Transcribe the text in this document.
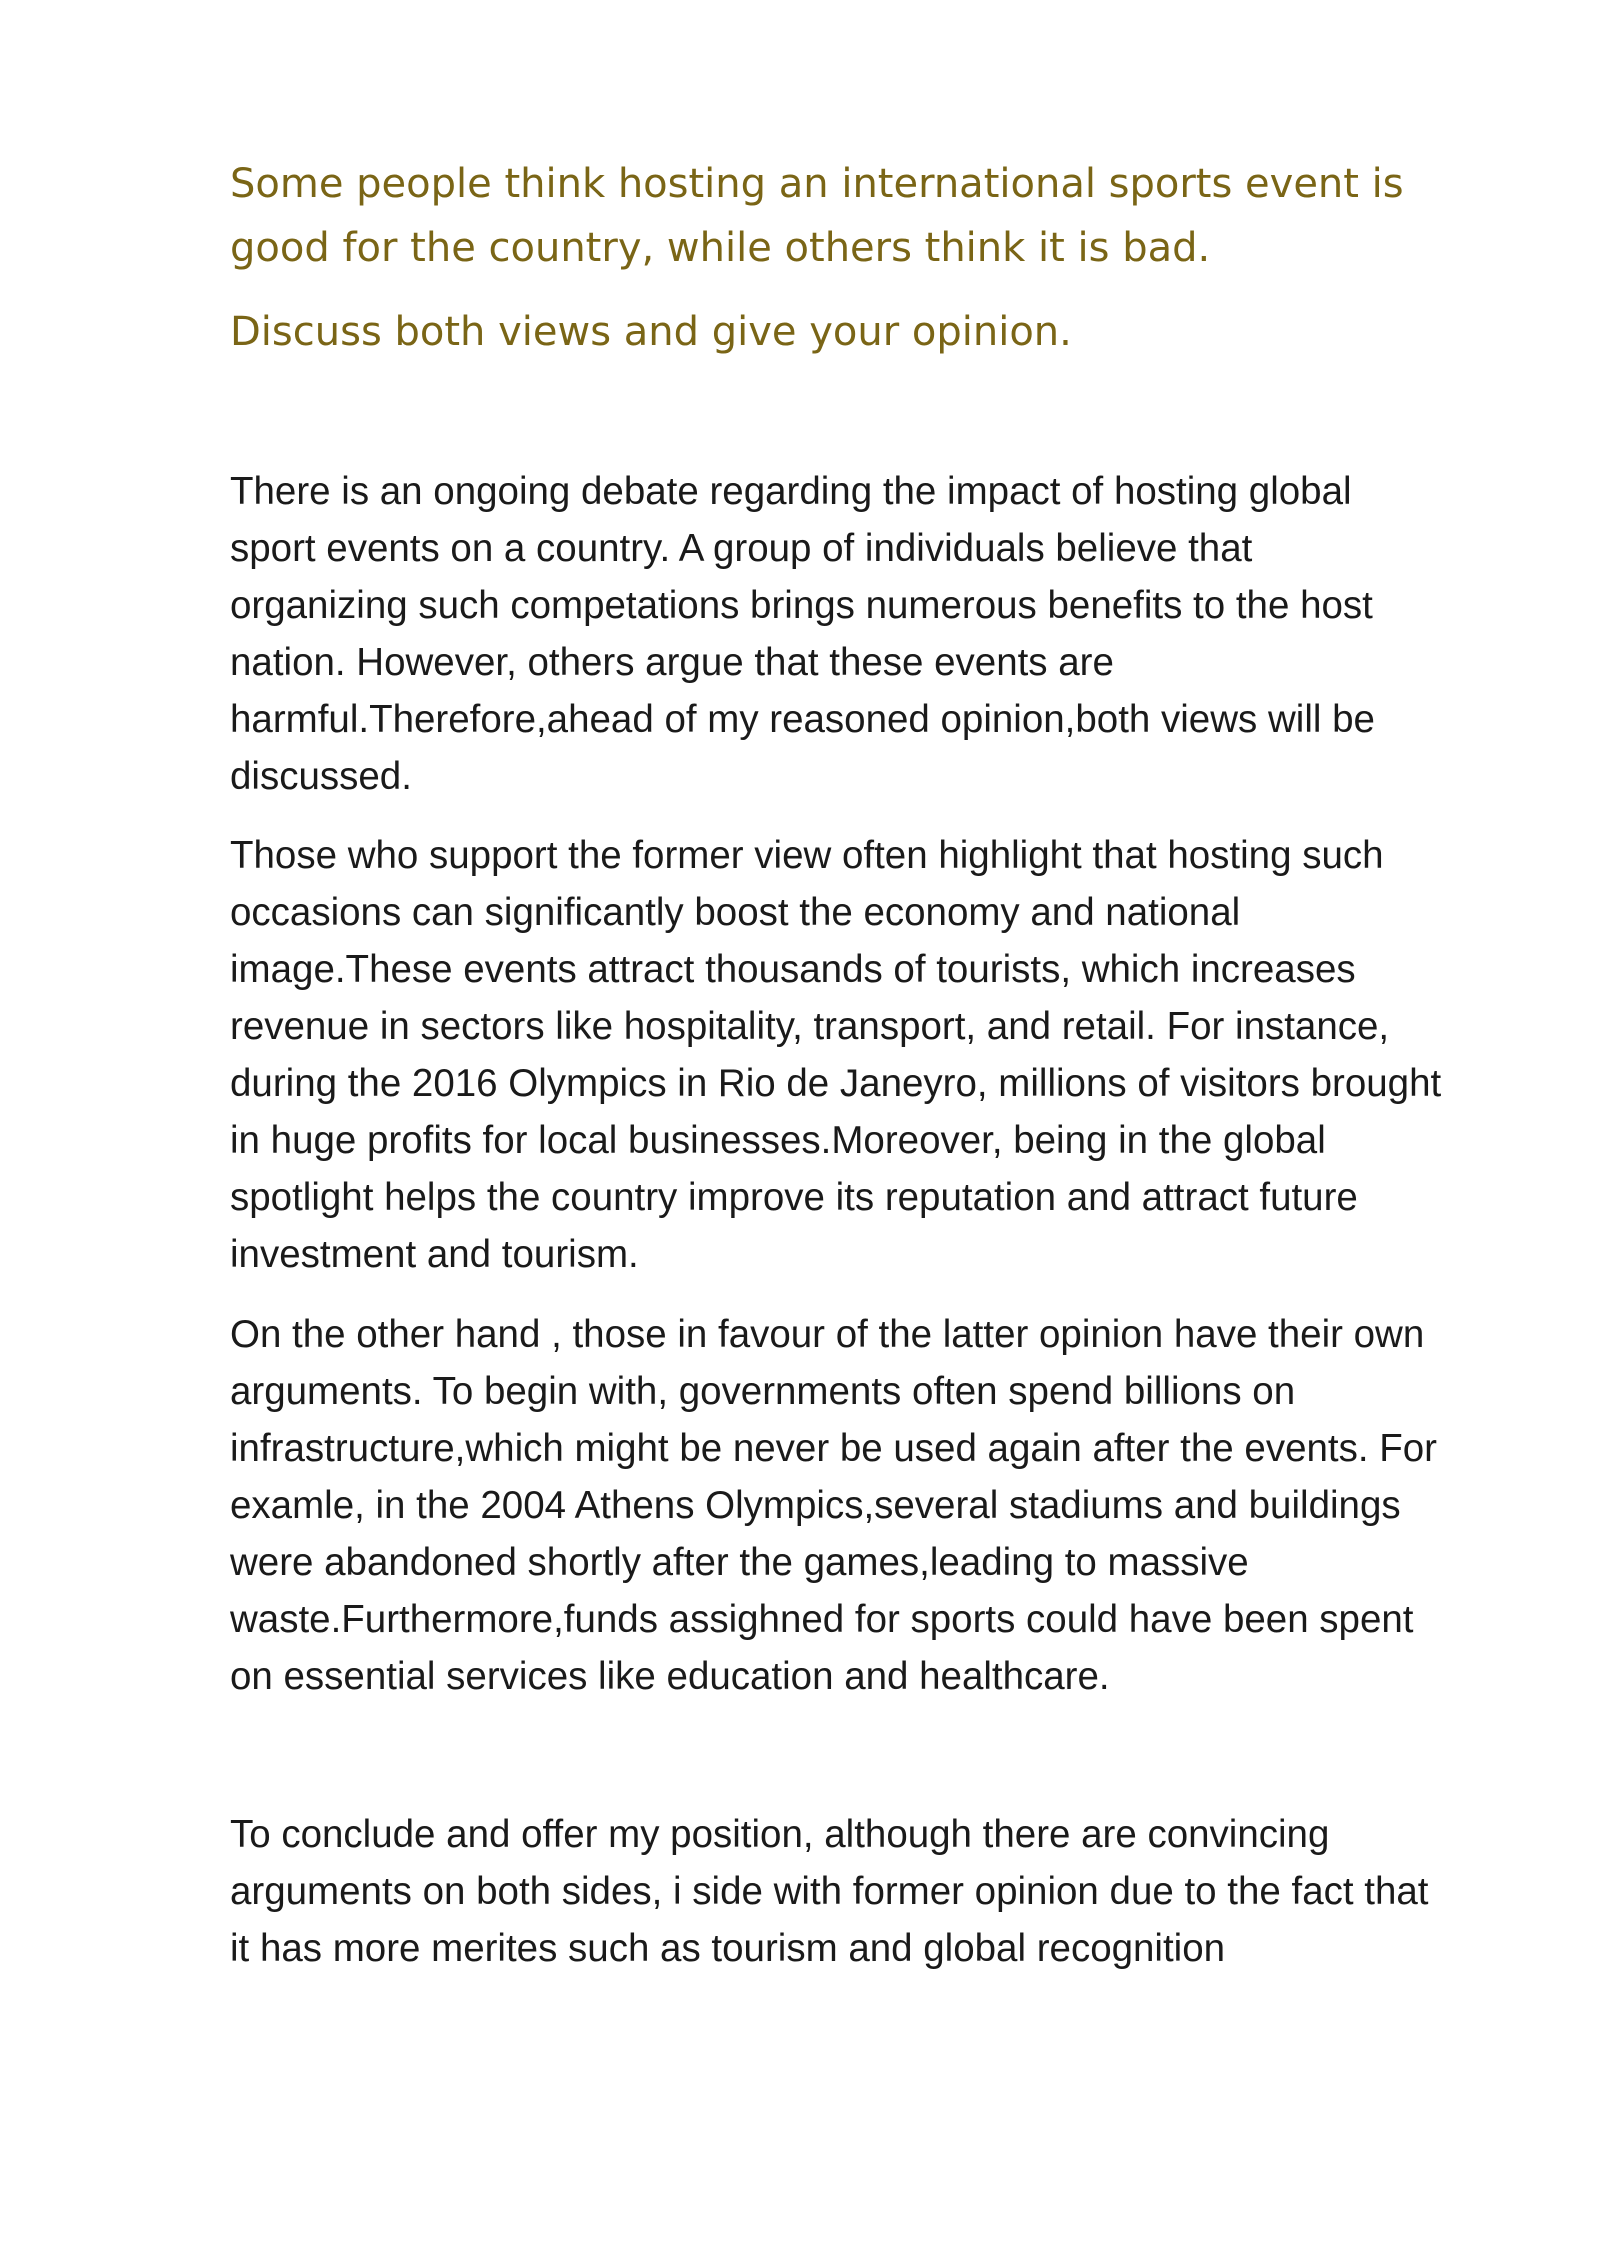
Some people think hosting an international sports event is
good for the country, while others think it is bad.

Discuss both views and give your opinion.

There is an ongoing debate regarding the impact of hosting global
sport events on a country. A group of individuals believe that
organizing such competations brings numerous benefits to the host
nation. However, others argue that these events are
harmful.Therefore,ahead of my reasoned opinion,both views will be
discussed.

Those who support the former view often highlight that hosting such
occasions can significantly boost the economy and national
image.These events attract thousands of tourists, which increases
revenue in sectors like hospitality, transport, and retail. For instance,
during the 2016 Olympics in Rio de Janeyro, millions of visitors brought
in huge profits for local businesses.Moreover, being in the global
spotlight helps the country improve its reputation and attract future
investment and tourism.

On the other hand , those in favour of the latter opinion have their own
arguments. To begin with, governments often spend billions on
infrastructure,which might be never be used again after the events. For
examle, in the 2004 Athens Olympics,several stadiums and buildings
were abandoned shortly after the games,leading to massive
waste.Furthermore,funds assighned for sports could have been spent
on essential services like education and healthcare.

To conclude and offer my position, although there are convincing
arguments on both sides, i side with former opinion due to the fact that
it has more merites such as tourism and global recognition
